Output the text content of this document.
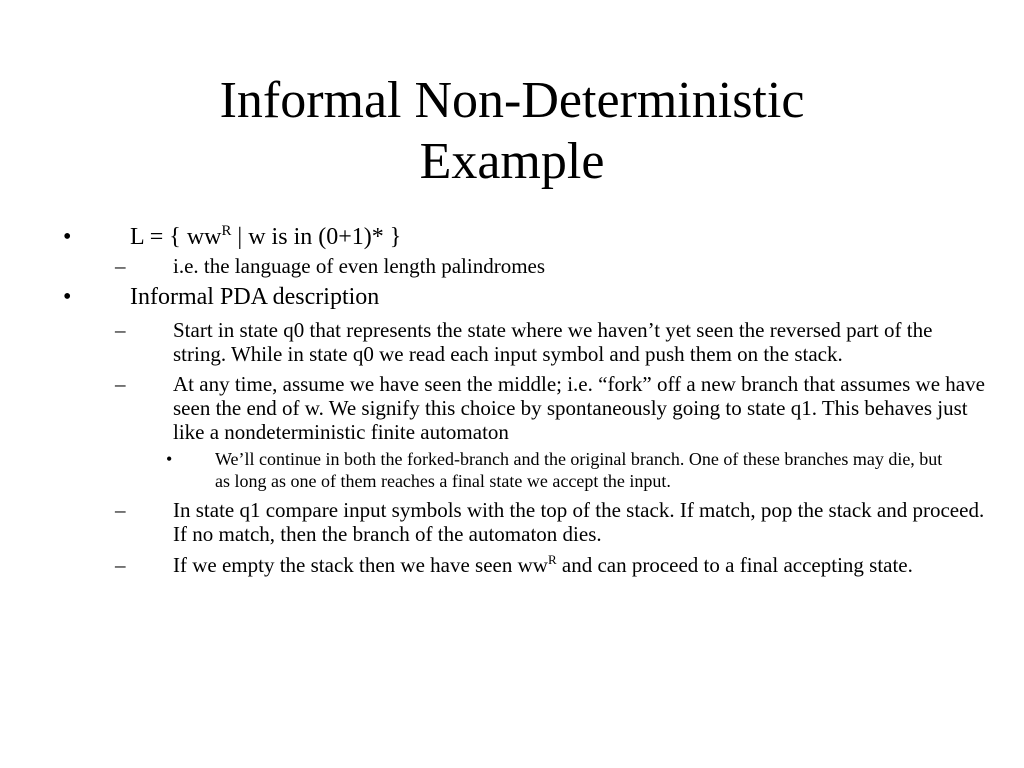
Informal Non-Deterministic
Example
• L = { $ww^R$ | w is in (0+1)* }
– i.e. the language of even length palindromes
• Informal PDA description
– Start in state q0 that represents the state where we haven’t yet seen the reversed part of the string. While in state q0 we read each input symbol and push them on the stack.
– At any time, assume we have seen the middle; i.e. “fork” off a new branch that assumes we have seen the end of w. We signify this choice by spontaneously going to state q1. This behaves just like a nondeterministic finite automaton
• We’ll continue in both the forked-branch and the original branch. One of these branches may die, but as long as one of them reaches a final state we accept the input.
– In state q1 compare input symbols with the top of the stack. If match, pop the stack and proceed. If no match, then the branch of the automaton dies.
– If we empty the stack then we have seen $ww^R$ and can proceed to a final accepting state.
